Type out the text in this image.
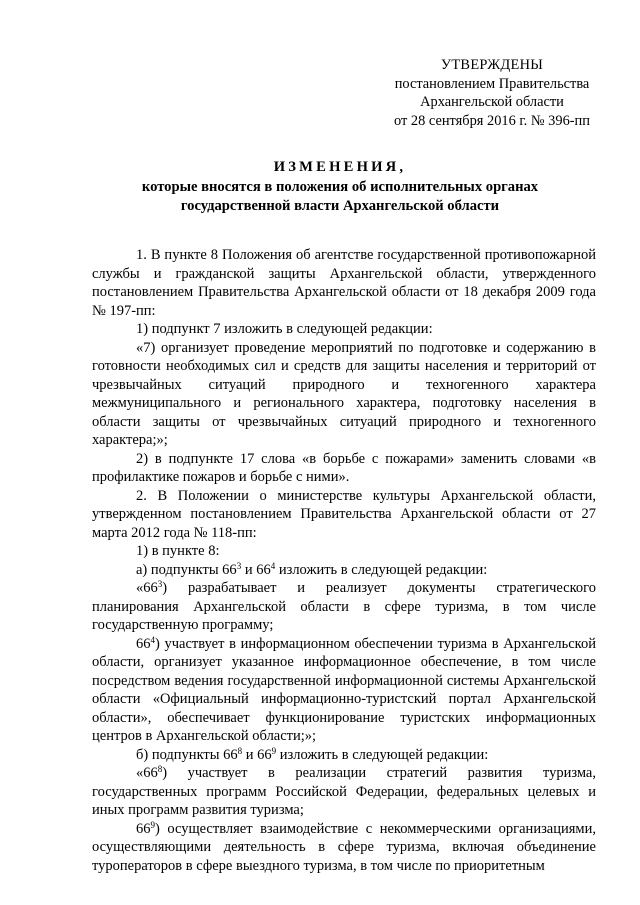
УТВЕРЖДЕНЫ
постановлением Правительства
Архангельской области
от 28 сентября 2016 г. № 396-пп
ИЗМЕНЕНИЯ,
которые вносятся в положения об исполнительных органах
государственной власти Архангельской области

1. В пункте 8 Положения об агентстве государственной противопожарной службы и гражданской защиты Архангельской области, утвержденного постановлением Правительства Архангельской области от 18 декабря 2009 года № 197-пп:

1) подпункт 7 изложить в следующей редакции:

«7) организует проведение мероприятий по подготовке и содержанию в готовности необходимых сил и средств для защиты населения и территорий от чрезвычайных ситуаций природного и техногенного характера межмуниципального и регионального характера, подготовку населения в области защиты от чрезвычайных ситуаций природного и техногенного характера;»;

2) в подпункте 17 слова «в борьбе с пожарами» заменить словами «в профилактике пожаров и борьбе с ними».

2. В Положении о министерстве культуры Архангельской области, утвержденном постановлением Правительства Архангельской области от 27 марта 2012 года № 118-пп:

1) в пункте 8:

а) подпункты $66^3$ и $66^4$ изложить в следующей редакции:

«$66^3$) разрабатывает и реализует документы стратегического планирования Архангельской области в сфере туризма, в том числе государственную программу;

$66^4$) участвует в информационном обеспечении туризма в Архангельской области, организует указанное информационное обеспечение, в том числе посредством ведения государственной информационной системы Архангельской области «Официальный информационно-туристский портал Архангельской области», обеспечивает функционирование туристских информационных центров в Архангельской области;»;

б) подпункты $66^8$ и $66^9$ изложить в следующей редакции:

«$66^8$) участвует в реализации стратегий развития туризма, государственных программ Российской Федерации, федеральных целевых и иных программ развития туризма;

$66^9$) осуществляет взаимодействие с некоммерческими организациями, осуществляющими деятельность в сфере туризма, включая объединение туроператоров в сфере выездного туризма, в том числе по приоритетным
